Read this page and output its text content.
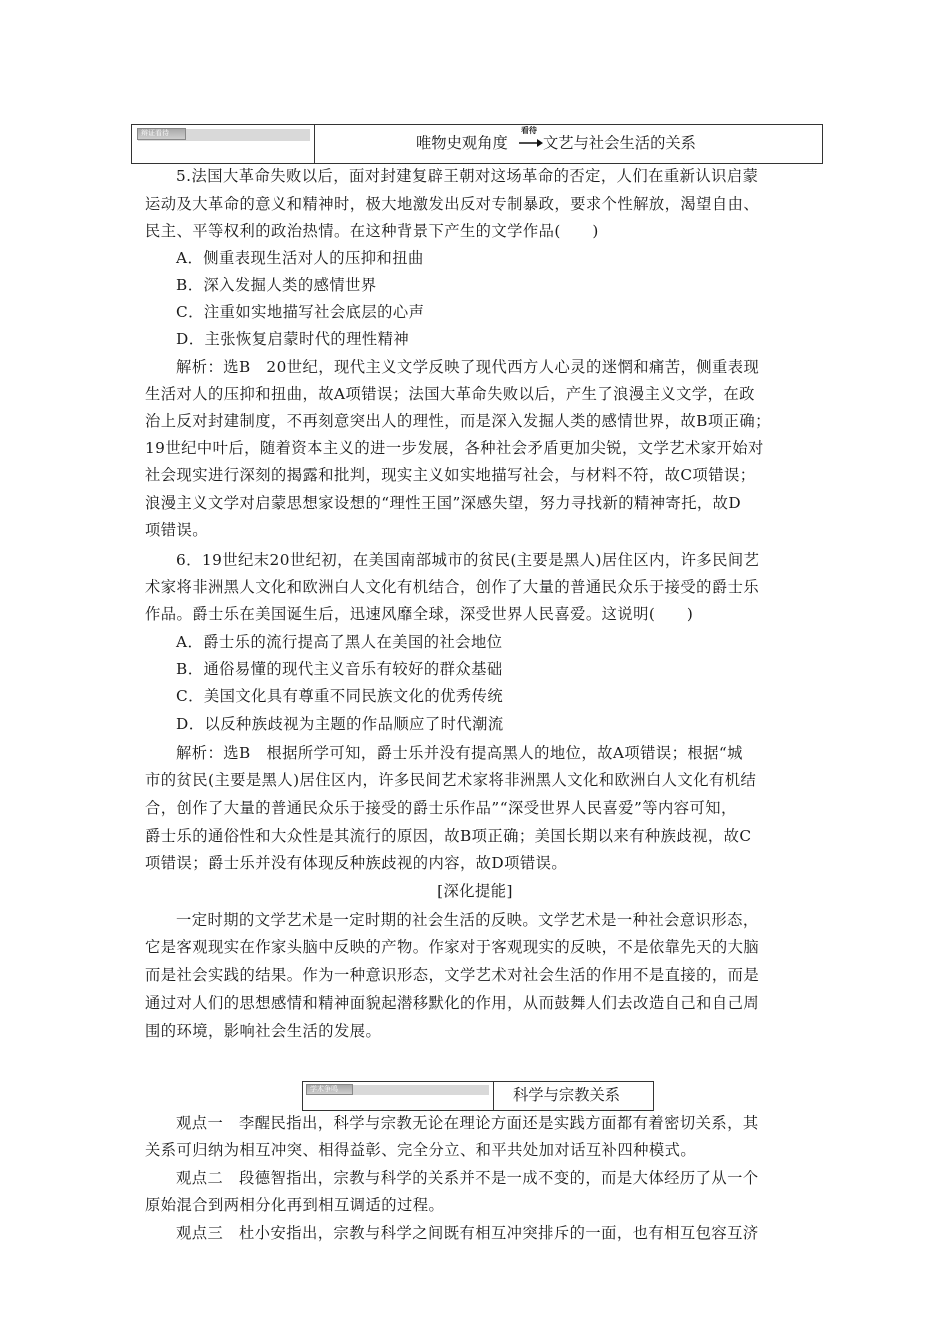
辩证看待
唯物史观角度
看待
文艺与社会生活的关系
5.法国大革命失败以后，面对封建复辟王朝对这场革命的否定，人们在重新认识启蒙
运动及大革命的意义和精神时，极大地激发出反对专制暴政，要求个性解放，渴望自由、
民主、平等权利的政治热情。在这种背景下产生的文学作品(　　)
A．侧重表现生活对人的压抑和扭曲
B．深入发掘人类的感情世界
C．注重如实地描写社会底层的心声
D．主张恢复启蒙时代的理性精神
解析：选B　20世纪，现代主义文学反映了现代西方人心灵的迷惘和痛苦，侧重表现
生活对人的压抑和扭曲，故A项错误；法国大革命失败以后，产生了浪漫主义文学，在政
治上反对封建制度，不再刻意突出人的理性，而是深入发掘人类的感情世界，故B项正确；
19世纪中叶后，随着资本主义的进一步发展，各种社会矛盾更加尖锐，文学艺术家开始对
社会现实进行深刻的揭露和批判，现实主义如实地描写社会，与材料不符，故C项错误；
浪漫主义文学对启蒙思想家设想的“理性王国”深感失望，努力寻找新的精神寄托，故D
项错误。
6．19世纪末20世纪初，在美国南部城市的贫民(主要是黑人)居住区内，许多民间艺
术家将非洲黑人文化和欧洲白人文化有机结合，创作了大量的普通民众乐于接受的爵士乐
作品。爵士乐在美国诞生后，迅速风靡全球，深受世界人民喜爱。这说明(　　)
A．爵士乐的流行提高了黑人在美国的社会地位
B．通俗易懂的现代主义音乐有较好的群众基础
C．美国文化具有尊重不同民族文化的优秀传统
D．以反种族歧视为主题的作品顺应了时代潮流
解析：选B　根据所学可知，爵士乐并没有提高黑人的地位，故A项错误；根据“城
市的贫民(主要是黑人)居住区内，许多民间艺术家将非洲黑人文化和欧洲白人文化有机结
合，创作了大量的普通民众乐于接受的爵士乐作品”“深受世界人民喜爱”等内容可知，
爵士乐的通俗性和大众性是其流行的原因，故B项正确；美国长期以来有种族歧视，故C
项错误；爵士乐并没有体现反种族歧视的内容，故D项错误。
[深化提能]
一定时期的文学艺术是一定时期的社会生活的反映。文学艺术是一种社会意识形态，
它是客观现实在作家头脑中反映的产物。作家对于客观现实的反映，不是依靠先天的大脑
而是社会实践的结果。作为一种意识形态，文学艺术对社会生活的作用不是直接的，而是
通过对人们的思想感情和精神面貌起潜移默化的作用，从而鼓舞人们去改造自己和自己周
围的环境，影响社会生活的发展。
学术争鸣	科学与宗教关系
观点一　李醒民指出，科学与宗教无论在理论方面还是实践方面都有着密切关系，其
关系可归纳为相互冲突、相得益彰、完全分立、和平共处加对话互补四种模式。
观点二　段德智指出，宗教与科学的关系并不是一成不变的，而是大体经历了从一个
原始混合到两相分化再到相互调适的过程。
观点三　杜小安指出，宗教与科学之间既有相互冲突排斥的一面，也有相互包容互济
